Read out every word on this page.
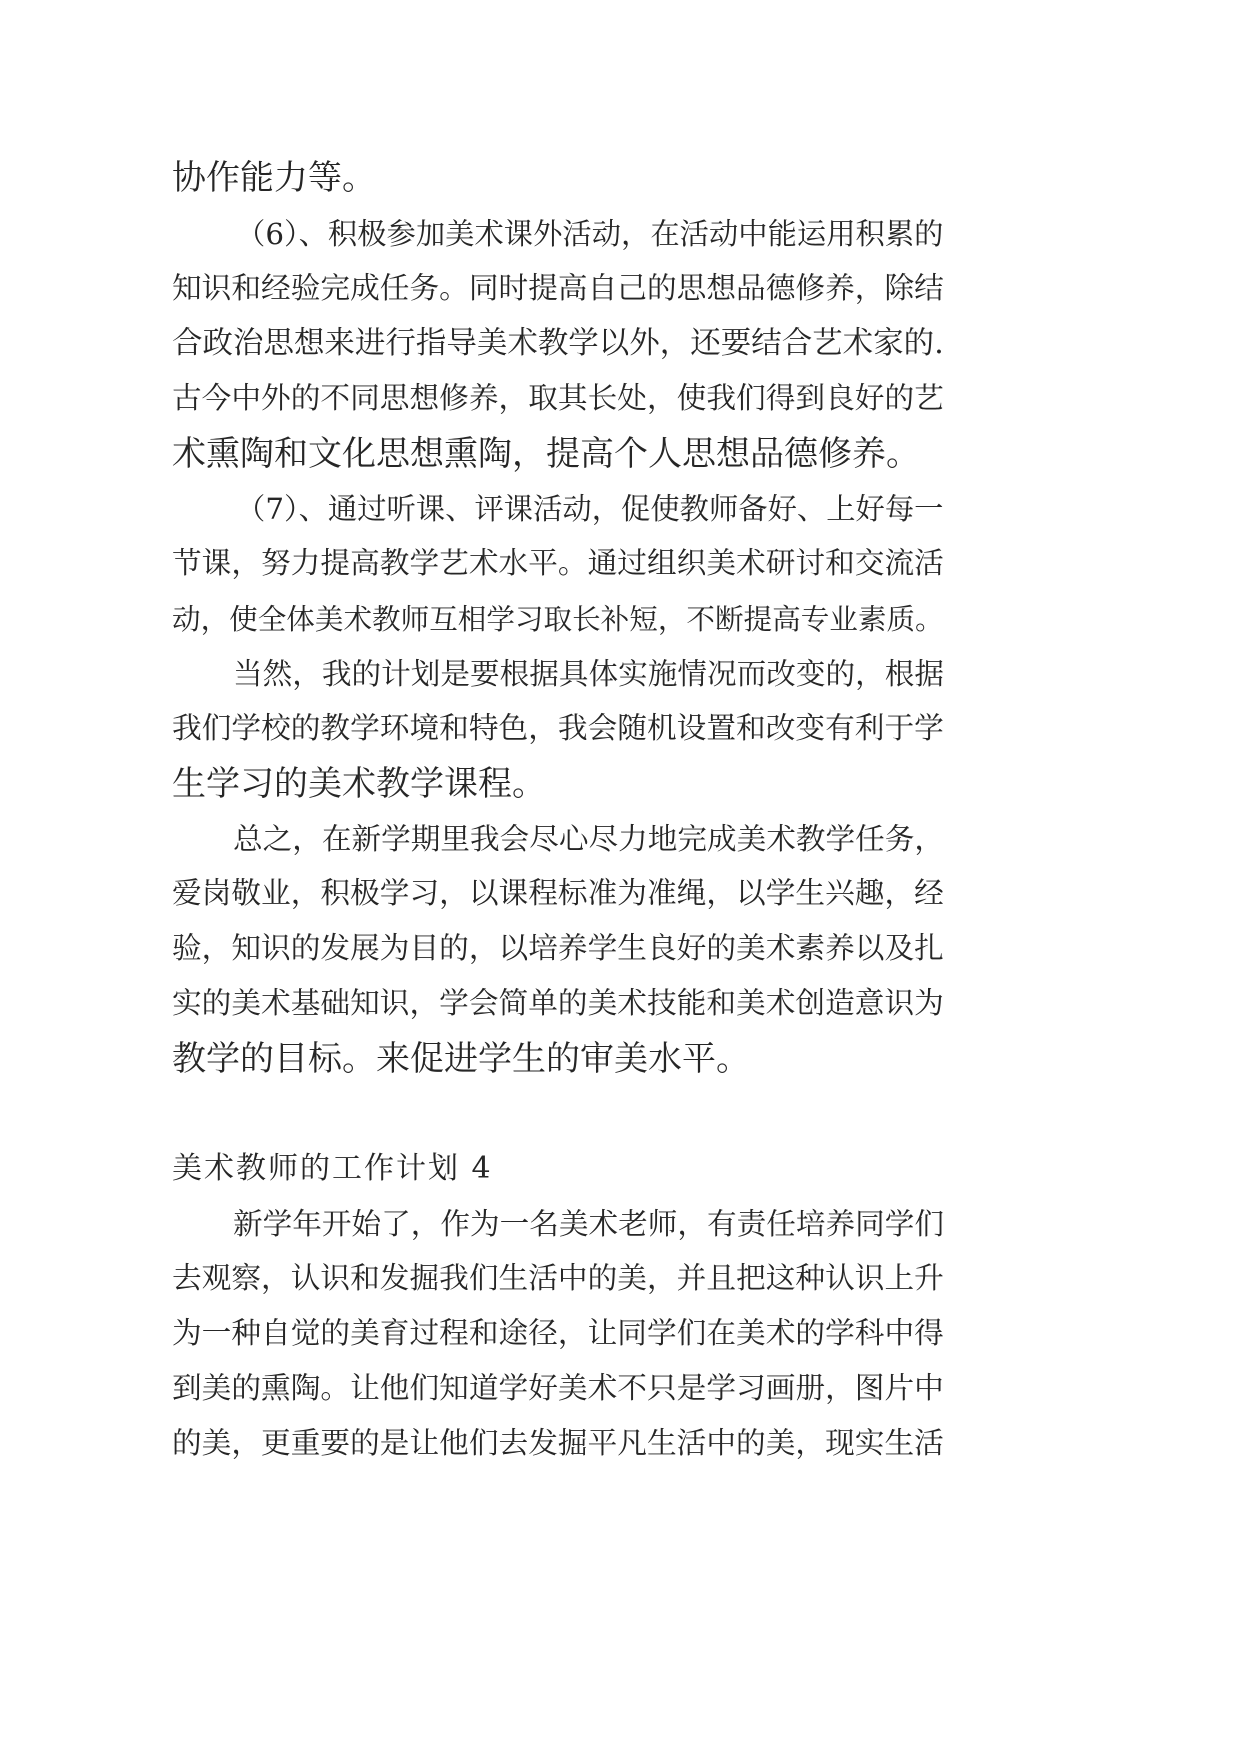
协作能力等。
（6）、积极参加美术课外活动，在活动中能运用积累的
知识和经验完成任务。同时提高自己的思想品德修养，除结
合政治思想来进行指导美术教学以外，还要结合艺术家的.
古今中外的不同思想修养，取其长处，使我们得到良好的艺
术熏陶和文化思想熏陶，提高个人思想品德修养。
（7）、通过听课、评课活动，促使教师备好、上好每一
节课，努力提高教学艺术水平。通过组织美术研讨和交流活
动，使全体美术教师互相学习取长补短，不断提高专业素质。
当然，我的计划是要根据具体实施情况而改变的，根据
我们学校的教学环境和特色，我会随机设置和改变有利于学
生学习的美术教学课程。
总之，在新学期里我会尽心尽力地完成美术教学任务，
爱岗敬业，积极学习，以课程标准为准绳，以学生兴趣，经
验，知识的发展为目的，以培养学生良好的美术素养以及扎
实的美术基础知识，学会简单的美术技能和美术创造意识为
教学的目标。来促进学生的审美水平。
美术教师的工作计划 4
新学年开始了，作为一名美术老师，有责任培养同学们
去观察，认识和发掘我们生活中的美，并且把这种认识上升
为一种自觉的美育过程和途径，让同学们在美术的学科中得
到美的熏陶。让他们知道学好美术不只是学习画册，图片中
的美，更重要的是让他们去发掘平凡生活中的美，现实生活
